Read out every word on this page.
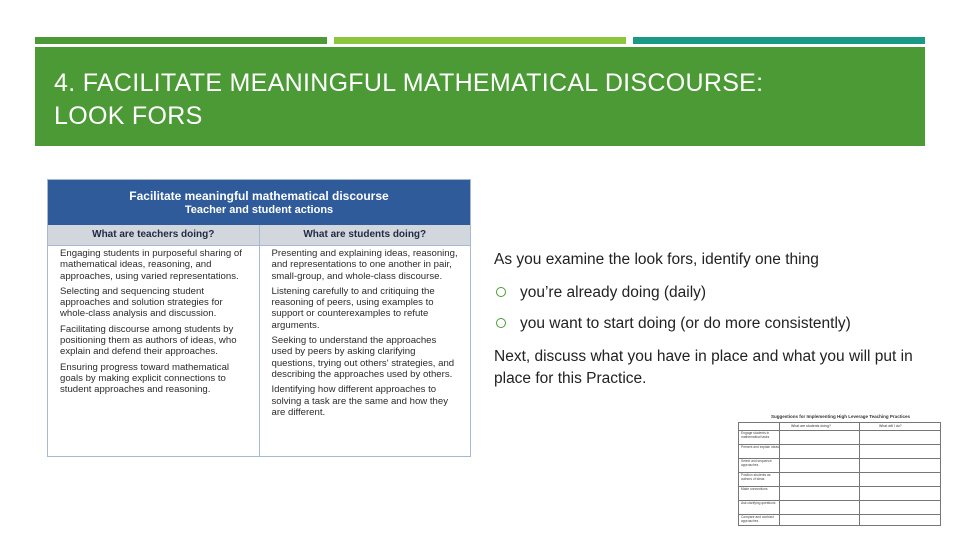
4. FACILITATE MEANINGFUL MATHEMATICAL DISCOURSE:
LOOK FORS
Facilitate meaningful mathematical discourse
Teacher and student actions
What are teachers doing?	What are students doing?

Engaging students in purposeful sharing of mathematical ideas, reasoning, and approaches, using varied representations.

Selecting and sequencing student approaches and solution strategies for whole-class analysis and discussion.

Facilitating discourse among students by positioning them as authors of ideas, who explain and defend their approaches.

Ensuring progress toward mathematical goals by making explicit connections to student approaches and reasoning.

Presenting and explaining ideas, reasoning, and representations to one another in pair, small-group, and whole-class discourse.

Listening carefully to and critiquing the reasoning of peers, using examples to support or counterexamples to refute arguments.

Seeking to understand the approaches used by peers by asking clarifying questions, trying out others' strategies, and describing the approaches used by others.

Identifying how different approaches to solving a task are the same and how they are different.

As you examine the look fors, identify one thing
you’re already doing (daily)
you want to start doing (or do more consistently)
Next, discuss what you have in place and what you will put in place for this Practice.
Suggestions for Implementing High Leverage Teaching Practices
What are students doing?	What will I do?
Engage students in mathematical tasks
Present and explain ideas
Select and sequence approaches
Position students as authors of ideas
Make connections
Ask clarifying questions
Compare and contrast approaches
